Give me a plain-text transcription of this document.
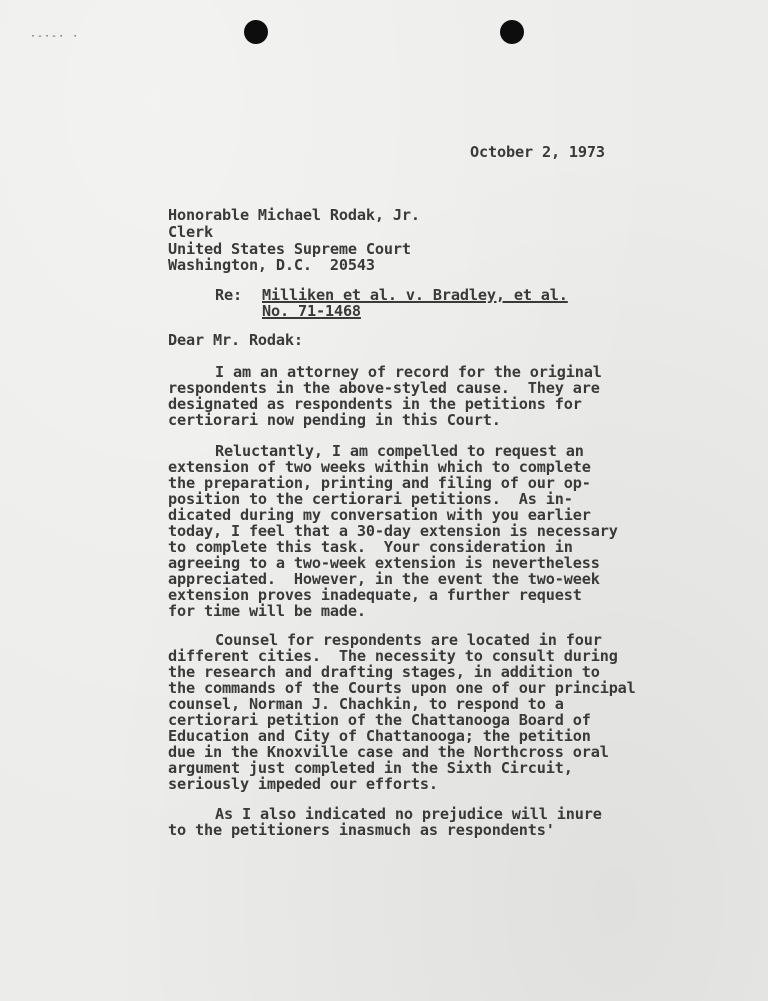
·‑·-· ·
October 2, 1973
Honorable Michael Rodak, Jr.
Clerk
United States Supreme Court
Washington, D.C.  20543
Re: Milliken et al. v. Bradley, et al.
No. 71-1468
Dear Mr. Rodak:
I am an attorney of record for the original
respondents in the above-styled cause.  They are
designated as respondents in the petitions for
certiorari now pending in this Court.
Reluctantly, I am compelled to request an
extension of two weeks within which to complete
the preparation, printing and filing of our op-
position to the certiorari petitions.  As in-
dicated during my conversation with you earlier
today, I feel that a 30-day extension is necessary
to complete this task.  Your consideration in
agreeing to a two-week extension is nevertheless
appreciated.  However, in the event the two-week
extension proves inadequate, a further request
for time will be made.
Counsel for respondents are located in four
different cities.  The necessity to consult during
the research and drafting stages, in addition to
the commands of the Courts upon one of our principal
counsel, Norman J. Chachkin, to respond to a
certiorari petition of the Chattanooga Board of
Education and City of Chattanooga; the petition
due in the Knoxville case and the Northcross oral
argument just completed in the Sixth Circuit,
seriously impeded our efforts.
As I also indicated no prejudice will inure
to the petitioners inasmuch as respondents'
